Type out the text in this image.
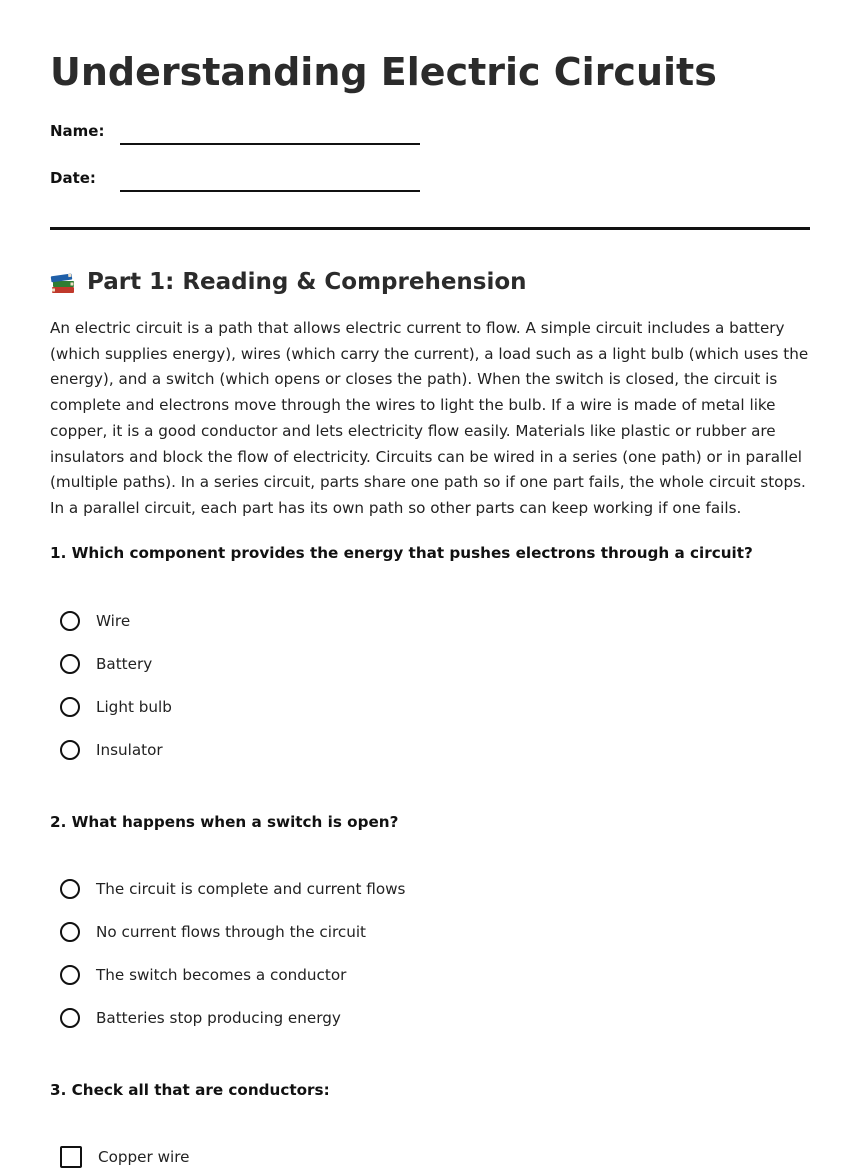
Understanding Electric Circuits
Name:
Date:
Part 1: Reading & Comprehension

An electric circuit is a path that allows electric current to flow. A simple circuit includes a battery (which supplies energy), wires (which carry the current), a load such as a light bulb (which uses the energy), and a switch (which opens or closes the path). When the switch is closed, the circuit is complete and electrons move through the wires to light the bulb. If a wire is made of metal like copper, it is a good conductor and lets electricity flow easily. Materials like plastic or rubber are insulators and block the flow of electricity. Circuits can be wired in a series (one path) or in parallel (multiple paths). In a series circuit, parts share one path so if one part fails, the whole circuit stops. In a parallel circuit, each part has its own path so other parts can keep working if one fails.

1. Which component provides the energy that pushes electrons through a circuit?
Wire
Battery
Light bulb
Insulator
2. What happens when a switch is open?
The circuit is complete and current flows
No current flows through the circuit
The switch becomes a conductor
Batteries stop producing energy
3. Check all that are conductors:
Copper wire
